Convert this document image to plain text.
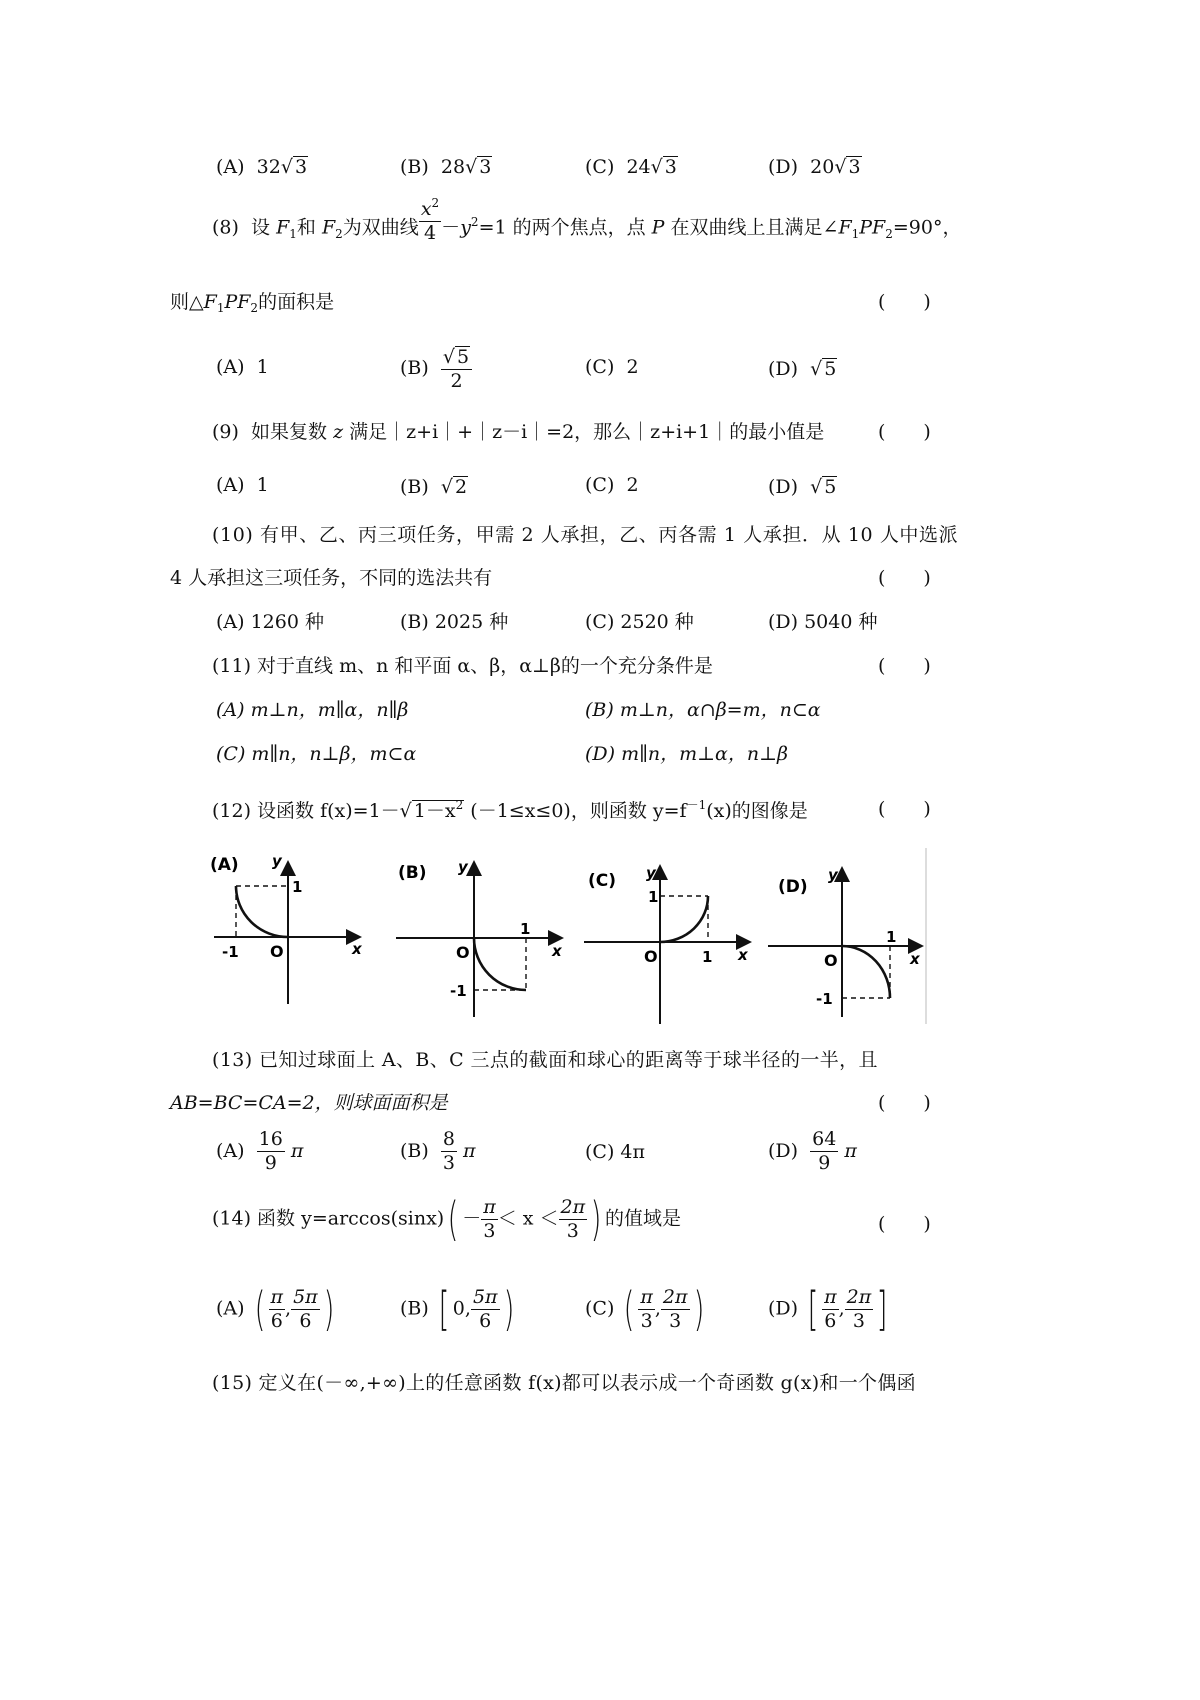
(A) 32√ 3	(B) 28√ 3	(C) 24√ 3	(D) 20√ 3
(8) 设 $F_1$和 $F_2$为双曲线 $\frac{x^2}{4} -y^2=1$ 的两个焦点，点 P 在双曲线上且满足$\angle F_1PF_2=90^\circ$，
则$\triangle F_1PF_2$的面积是	(　　)
(A) 1	$(B) \frac{√ 5}{2}$	(C) 2	(D) √ 5
(9) 如果复数 z 满足｜z+i｜+｜z－i｜=2，那么｜z+i+1｜的最小值是	(　　)
(A) 1	(B) √ 2	(C) 2	(D) √ 5
(10) 有甲、乙、丙三项任务，甲需 2 人承担，乙、丙各需 1 人承担．从 10 人中选派
4 人承担这三项任务，不同的选法共有	(　　)
(A) 1260 种	(B) 2025 种	(C) 2520 种	(D) 5040 种
(11) 对于直线 m、n 和平面 α、β，α⊥β的一个充分条件是	(　　)
(A) m⊥n，m∥α，n∥β	(B) m⊥n，α∩β=m，n⊂α
(C) m∥n，n⊥β，m⊂α	(D) m∥n，m⊥α，n⊥β
(12) 设函数 f(x)=1－√ $1-x^2$ (－1≤x≤0)，则函数 $y=f^{-1}(x)$的图像是	(　　)
(A) y
x
O
-1
1
(B) y
x
O
-1
1
(C) y
x
O	1
1	(D)
y
x
O
-1
1
(13) 已知过球面上 A、B、C 三点的截面和球心的距离等于球半径的一半，且
AB=BC=CA=2，则球面面积是	(　　)
$(A) \frac{16}{9}$ π	$(B) \frac{8}{3}$ π	(C) 4π	$(D) \frac{64}{9}$ π
(14) 函数 $y=\arccos(\sin x)( - \frac{\pi}{3} < x < \frac{2\pi}{3}$ ) 的值域是	(　　)
(A) ( $\frac{\pi}{6}$ , $\frac{5\pi}{6}$ )	(B) [ 0, $\frac{5\pi}{6}$ )	(C) ( $\frac{\pi}{3}$ , $\frac{2\pi}{3}$ )	(D) [ $\frac{\pi}{6}$ , $\frac{2\pi}{3}$ ]
(15) 定义在(－∞,+∞)上的任意函数 f(x)都可以表示成一个奇函数 g(x)和一个偶函
